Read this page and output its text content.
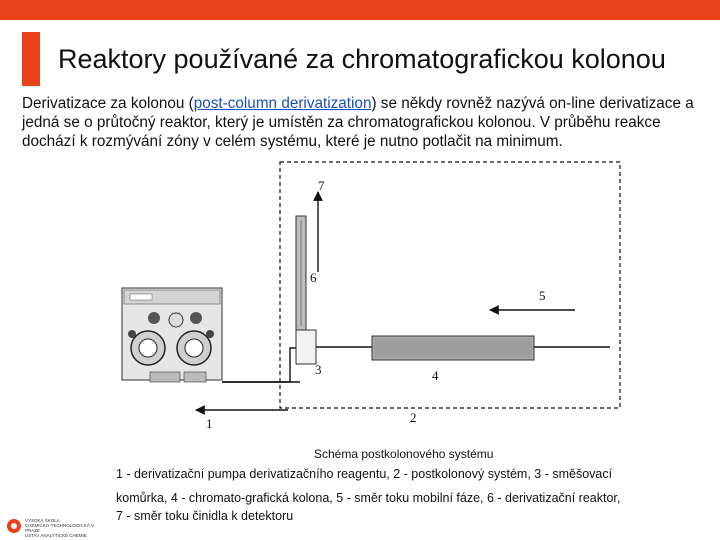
Reaktory používané za chromatografickou kolonou
Derivatizace za kolonou (post-column derivatization) se někdy rovněž nazývá on-line derivatizace a jedná se o průtočný reaktor, který je umístěn za chromatografickou kolonou. V průběhu reakce dochází k rozmývání zóny v celém systému, které je nutno potlačit na minimum.
1	2
3	4
5
6
7
Schéma postkolonového systému
1 - derivatizační pumpa derivatizačního reagentu, 2 - postkolonový systém, 3 - směšovací
komůrka, 4 - chromato-grafická kolona, 5 - směr toku mobilní fáze, 6 - derivatizační reaktor,
7 - směr toku činidla k detektoru
VYSOKÁ ŠKOLA
CHEMICKO-TECHNOLOGICKÁ V PRAZE
ÚSTAV ANALYTICKÉ CHEMIE
